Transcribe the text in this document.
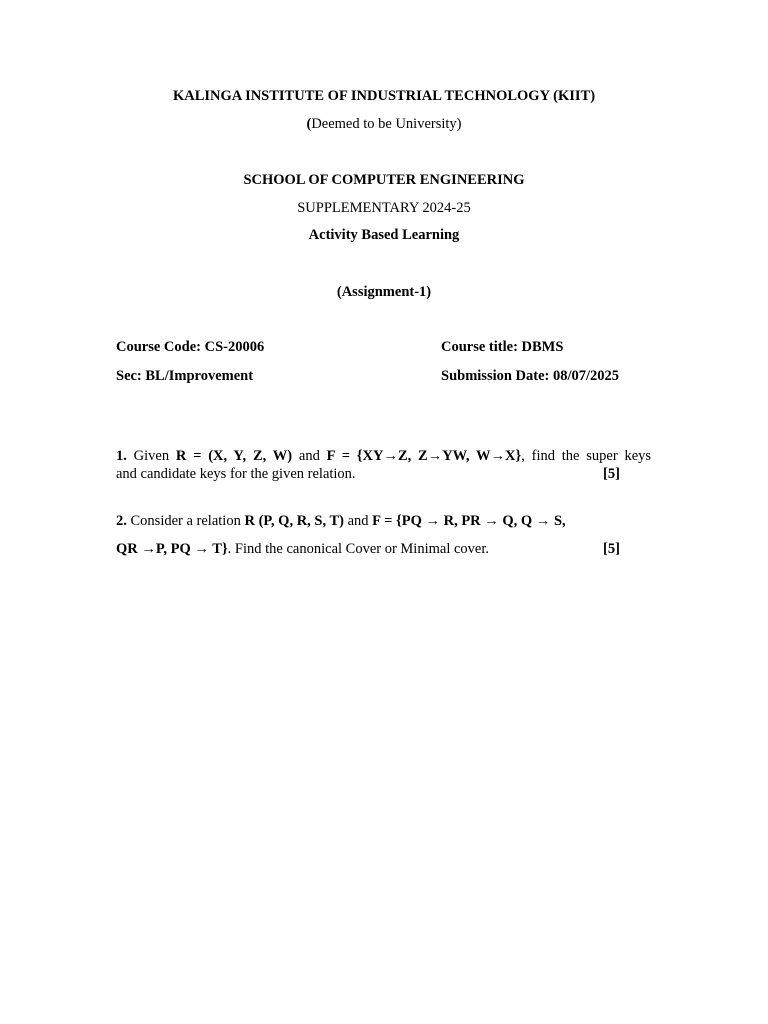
KALINGA INSTITUTE OF INDUSTRIAL TECHNOLOGY (KIIT)
(Deemed to be University)
SCHOOL OF COMPUTER ENGINEERING
SUPPLEMENTARY 2024-25
Activity Based Learning
(Assignment-1)
Course Code: CS-20006	Course title: DBMS
Sec: BL/Improvement	Submission Date: 08/07/2025
1. Given R = (X, Y, Z, W) and F = {XY→Z, Z→YW, W→X}, find the super keys
and candidate keys for the given relation.	[5]
2. Consider a relation R (P, Q, R, S, T) and F = {PQ → R, PR → Q, Q → S,
QR →P, PQ → T}. Find the canonical Cover or Minimal cover.	[5]
